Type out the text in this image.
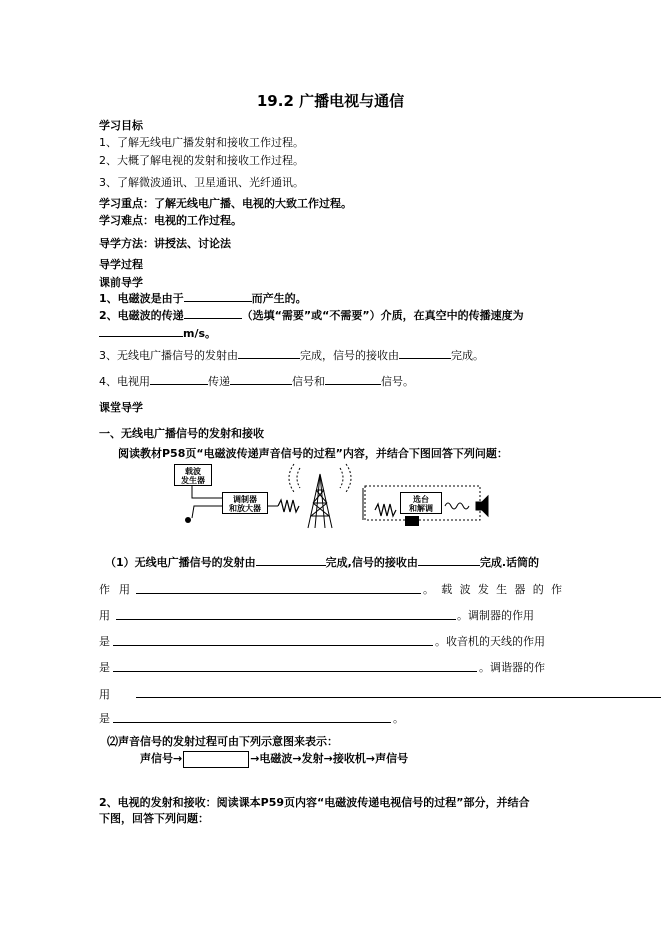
19.2 广播电视与通信
学习目标
1、了解无线电广播发射和接收工作过程。
2、大概了解电视的发射和接收工作过程。
3、了解微波通讯、卫星通讯、光纤通讯。
学习重点：了解无线电广播、电视的大致工作过程。
学习难点：电视的工作过程。
导学方法：讲授法、讨论法
导学过程
课前导学
1、电磁波是由于	而产生的。
2、电磁波的传递	（选填“需要”或“不需要”）介质，在真空中的传播速度为
m/s。
3、无线电广播信号的发射由	完成，信号的接收由	完成。
4、电视用	传递	信号和	信号。
课堂导学
一、无线电广播信号的发射和接收
阅读教材P58页“电磁波传递声音信号的过程”内容，并结合下图回答下列问题：
载波
发生器
调制器
和放大器
选台
和解调
（1）无线电广播信号的发射由	完成,信号的接收由	完成.话筒的
作 用	。 载 波 发 生 器 的 作
用	。调制器的作用
是	。收音机的天线的作用
是	。调谐器的作
用
是	。
⑵声音信号的发射过程可由下列示意图来表示：
声信号→	→电磁波→发射→接收机→声信号
2、电视的发射和接收：阅读课本P59页内容“电磁波传递电视信号的过程”部分，并结合
下图，回答下列问题：
